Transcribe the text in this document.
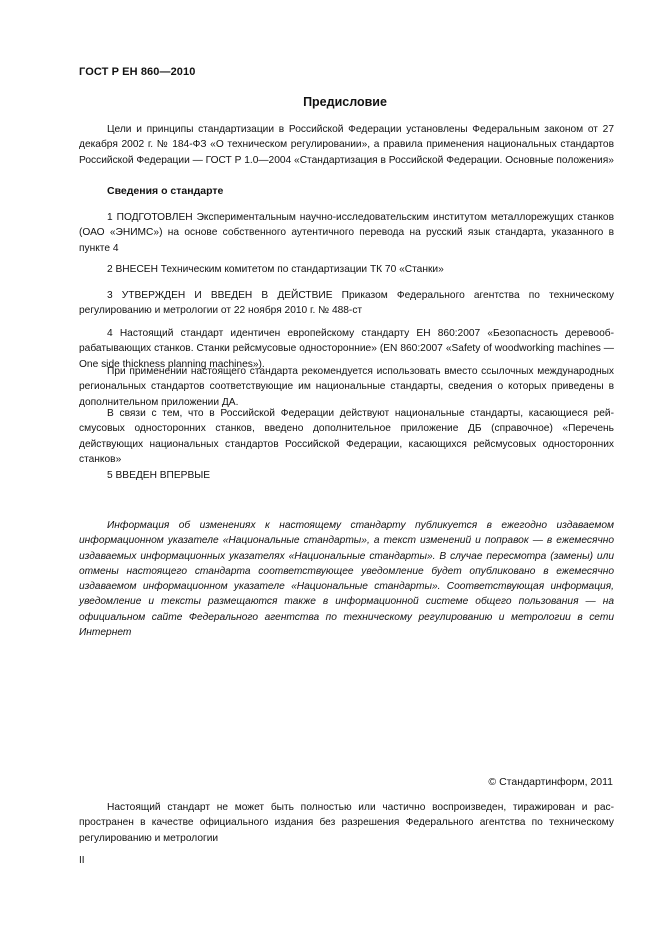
ГОСТ Р ЕН 860—2010
Предисловие
Цели и принципы стандартизации в Российской Федерации установлены Федеральным законом от 27 декабря 2002 г. № 184-ФЗ «О техническом регулировании», а правила применения национальных стандартов Российской Федерации — ГОСТ Р 1.0—2004 «Стандартизация в Российской Федерации. Основные положения»
Сведения о стандарте
1 ПОДГОТОВЛЕН Экспериментальным научно-исследовательским институтом металлорежущих станков (ОАО «ЭНИМС») на основе собственного аутентичного перевода на русский язык стандарта, указанного в пункте 4
2 ВНЕСЕН Техническим комитетом по стандартизации ТК 70 «Станки»
3 УТВЕРЖДЕН И ВВЕДЕН В ДЕЙСТВИЕ Приказом Федерального агентства по техническому регулированию и метрологии от 22 ноября 2010 г. № 488-ст
4 Настоящий стандарт идентичен европейскому стандарту ЕН 860:2007 «Безопасность деревообрабатывающих станков. Станки рейсмусовые односторонние» (EN 860:2007 «Safety of woodworking machines — One side thickness planning machines»).
При применении настоящего стандарта рекомендуется использовать вместо ссылочных международных региональных стандартов соответствующие им национальные стандарты, сведения о которых приведены в дополнительном приложении ДА.
В связи с тем, что в Российской Федерации действуют национальные стандарты, касающиеся рейсмусовых односторонних станков, введено дополнительное приложение ДБ (справочное) «Перечень действующих национальных стандартов Российской Федерации, касающихся рейсмусовых односторонних станков»
5 ВВЕДЕН ВПЕРВЫЕ
Информация об изменениях к настоящему стандарту публикуется в ежегодно издаваемом информационном указателе «Национальные стандарты», а текст изменений и поправок — в ежемесячно издаваемых информационных указателях «Национальные стандарты». В случае пересмотра (замены) или отмены настоящего стандарта соответствующее уведомление будет опубликовано в ежемесячно издаваемом информационном указателе «Национальные стандарты». Соответствующая информация, уведомление и тексты размещаются также в информационной системе общего пользования — на официальном сайте Федерального агентства по техническому регулированию и метрологии в сети Интернет
© Стандартинформ, 2011
Настоящий стандарт не может быть полностью или частично воспроизведен, тиражирован и распространен в качестве официального издания без разрешения Федерального агентства по техническому регулированию и метрологии
II
